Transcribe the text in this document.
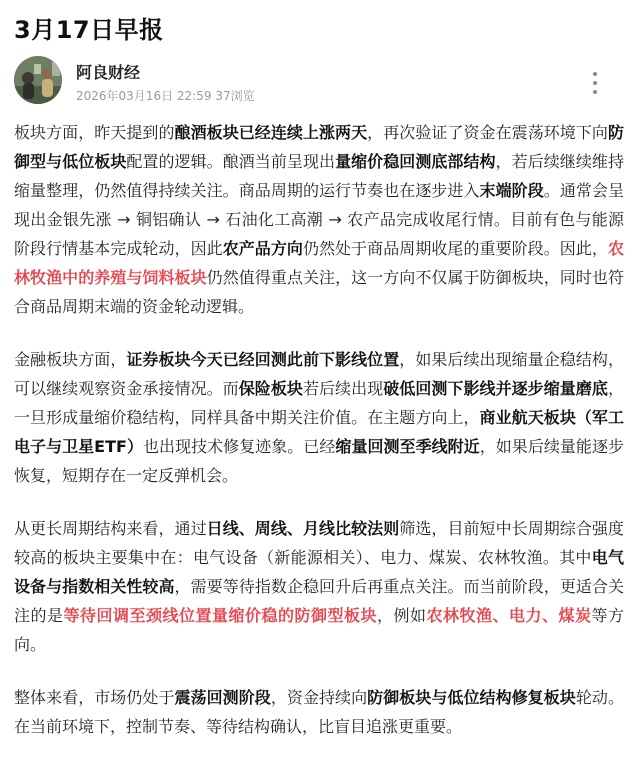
3月17日早报
阿良财经
2026年03月16日 22:59 37浏览

板块方面，昨天提到的酿酒板块已经连续上涨两天，再次验证了资金在震荡环境下向防御型与低位板块配置的逻辑。酿酒当前呈现出量缩价稳回测底部结构，若后续继续维持缩量整理，仍然值得持续关注。商品周期的运行节奏也在逐步进入末端阶段。通常会呈现出金银先涨 → 铜铝确认 → 石油化工高潮 → 农产品完成收尾行情。目前有色与能源阶段行情基本完成轮动，因此农产品方向仍然处于商品周期收尾的重要阶段。因此，农林牧渔中的养殖与饲料板块仍然值得重点关注，这一方向不仅属于防御板块，同时也符合商品周期末端的资金轮动逻辑。

金融板块方面，证券板块今天已经回测此前下影线位置，如果后续出现缩量企稳结构，可以继续观察资金承接情况。而保险板块若后续出现破低回测下影线并逐步缩量磨底，一旦形成量缩价稳结构，同样具备中期关注价值。在主题方向上，商业航天板块（军工电子与卫星ETF）也出现技术修复迹象。已经缩量回测至季线附近，如果后续量能逐步恢复，短期存在一定反弹机会。

从更长周期结构来看，通过日线、周线、月线比较法则筛选，目前短中长周期综合强度较高的板块主要集中在：电气设备（新能源相关）、电力、煤炭、农林牧渔。其中电气设备与指数相关性较高，需要等待指数企稳回升后再重点关注。而当前阶段，更适合关注的是等待回调至颈线位置量缩价稳的防御型板块，例如农林牧渔、电力、煤炭等方向。

整体来看，市场仍处于震荡回测阶段，资金持续向防御板块与低位结构修复板块轮动。在当前环境下，控制节奏、等待结构确认，比盲目追涨更重要。
